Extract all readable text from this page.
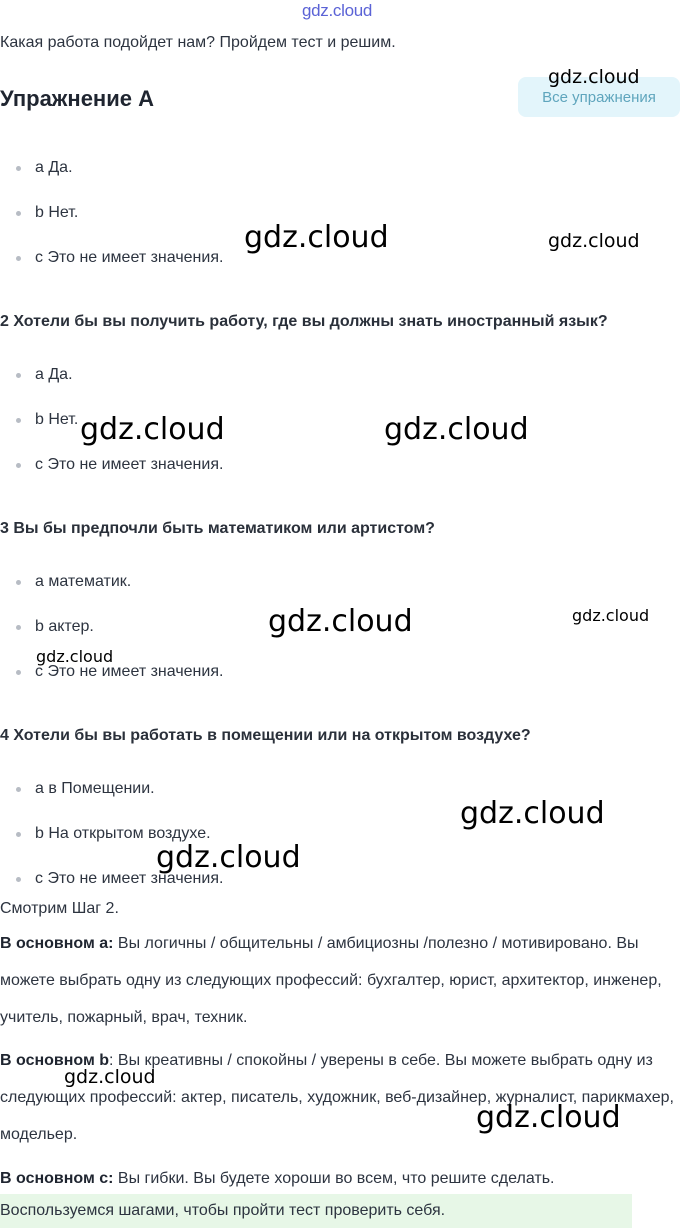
gdz.cloud
Какая работа подойдет нам? Пройдем тест и решим.
Упражнение A	Все упражнения
a Да.
b Нет.
c Это не имеет значения.
2 Хотели бы вы получить работу, где вы должны знать иностранный язык?
a Да.
b Нет.
c Это не имеет значения.
3 Вы бы предпочли быть математиком или артистом?
a математик.
b актер.
c Это не имеет значения.
4 Хотели бы вы работать в помещении или на открытом воздухе?
a в Помещении.
b На открытом воздухе.
c Это не имеет значения.
Смотрим Шаг 2.
В основном a: Вы логичны / общительны / амбициозны /полезно / мотивировано. Вы можете выбрать одну из следующих профессий: бухгалтер, юрист, архитектор, инженер, учитель, пожарный, врач, техник.
В основном b: Вы креативны / спокойны / уверены в себе. Вы можете выбрать одну из следующих профессий: актер, писатель, художник, веб-дизайнер, журналист, парикмахер, модельер.
В основном c: Вы гибки. Вы будете хороши во всем, что решите сделать.
Воспользуемся шагами, чтобы пройти тест проверить себя.
gdz.cloud
gdz.cloud	gdz.cloud
gdz.cloud	gdz.cloud
gdz.cloud	gdz.cloud
gdz.cloud
gdz.cloud
gdz.cloud
gdz.cloud
gdz.cloud
